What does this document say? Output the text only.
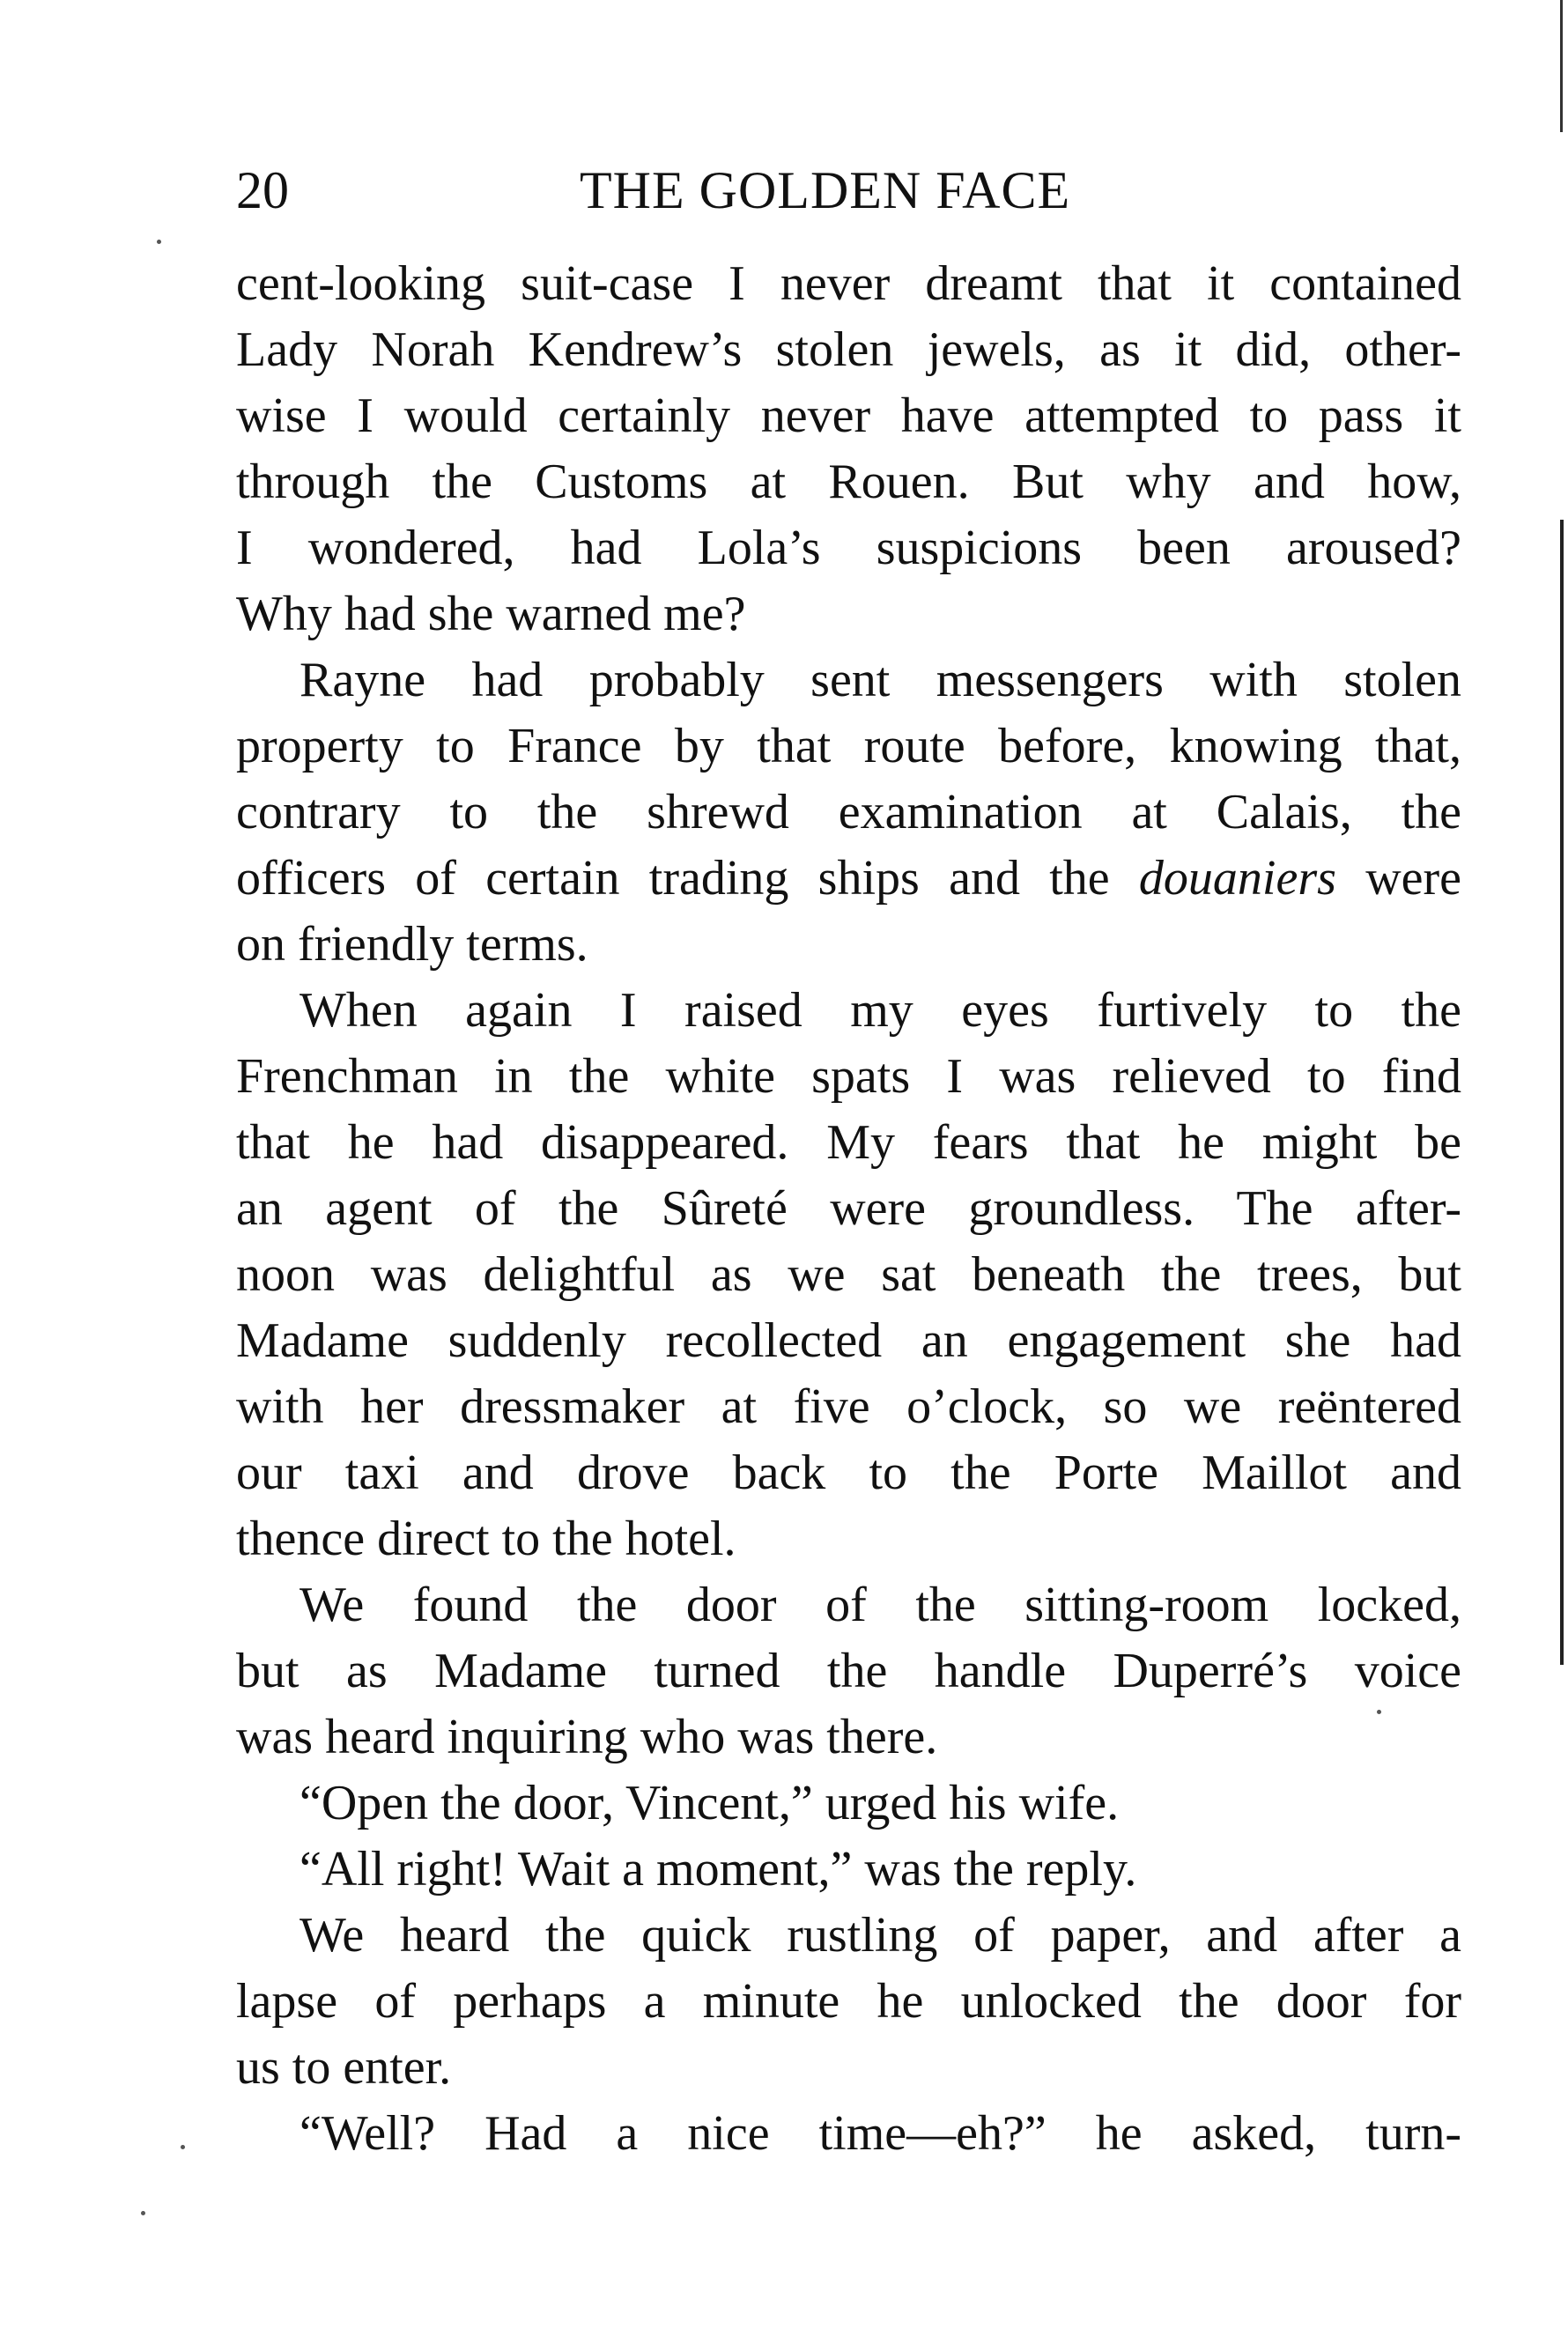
20	THE GOLDEN FACE
cent-looking suit-case I never dreamt that it contained
Lady Norah Kendrew’s stolen jewels, as it did, other-
wise I would certainly never have attempted to pass it
through the Customs at Rouen. But why and how,
I wondered, had Lola’s suspicions been aroused?
Why had she warned me?
Rayne had probably sent messengers with stolen
property to France by that route before, knowing that,
contrary to the shrewd examination at Calais, the
officers of certain trading ships and the douaniers were
on friendly terms.
When again I raised my eyes furtively to the
Frenchman in the white spats I was relieved to find
that he had disappeared. My fears that he might be
an agent of the Sûreté were groundless. The after-
noon was delightful as we sat beneath the trees, but
Madame suddenly recollected an engagement she had
with her dressmaker at five o’clock, so we reëntered
our taxi and drove back to the Porte Maillot and
thence direct to the hotel.
We found the door of the sitting-room locked,
but as Madame turned the handle Duperré’s voice
was heard inquiring who was there.
“Open the door, Vincent,” urged his wife.
“All right! Wait a moment,” was the reply.
We heard the quick rustling of paper, and after a
lapse of perhaps a minute he unlocked the door for
us to enter.
“Well? Had a nice time—eh?” he asked, turn-
